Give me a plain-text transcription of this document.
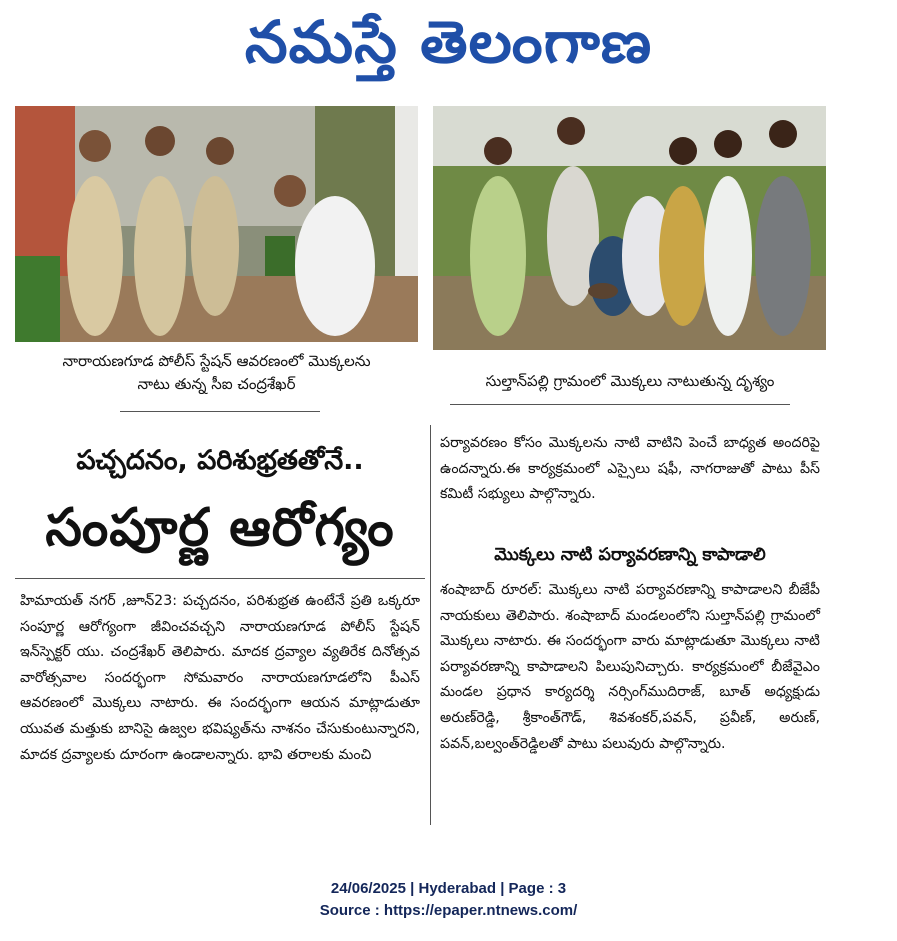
నమస్తే తెలంగాణ
నారాయణగూడ పోలీస్ స్టేషన్ ఆవరణంలో మొక్కలను
నాటు తున్న సీఐ చంద్రశేఖర్	సుల్తాన్‌పల్లి గ్రామంలో మొక్కలు నాటుతున్న దృశ్యం
పచ్చదనం, పరిశుభ్రతతోనే..
సంపూర్ణ ఆరోగ్యం
హిమాయత్ నగర్ ,జూన్23: పచ్చదనం, పరిశుభ్రత ఉంటేనే ప్రతి ఒక్కరూ సంపూర్ణ ఆరోగ్యంగా జీవించవచ్చని నారాయణగూడ పోలీస్ స్టేషన్ ఇన్‌స్పెక్టర్ యు. చంద్రశేఖర్ తెలిపారు. మాదక ద్రవ్యాల వ్యతిరేక దినోత్సవ వారోత్సవాల సందర్భంగా సోమవారం నారాయణగూడలోని పీఎస్ ఆవరణంలో మొక్కలు నాటారు. ఈ సందర్భంగా ఆయన మాట్లాడుతూ యువత మత్తుకు బానిసై ఉజ్వల భవిష్యత్‌ను నాశనం చేసుకుంటున్నారని, మాదక ద్రవ్యాలకు దూరంగా ఉండాలన్నారు. భావి తరాలకు మంచి
పర్యావరణం కోసం మొక్కలను నాటి వాటిని పెంచే బాధ్యత అందరిపై ఉందన్నారు.ఈ కార్యక్రమంలో ఎస్సైలు షఫీ, నాగరాజుతో పాటు పీస్ కమిటీ సభ్యులు పాల్గొన్నారు.
మొక్కలు నాటి పర్యావరణాన్ని కాపాడాలి
శంషాబాద్ రూరల్: మొక్కలు నాటి పర్యావరణాన్ని కాపాడాలని బీజేపీ నాయకులు తెలిపారు. శంషాబాద్ మండలంలోని సుల్తాన్‌పల్లి గ్రామంలో మొక్కలు నాటారు. ఈ సందర్భంగా వారు మాట్లాడుతూ మొక్కలు నాటి పర్యావరణాన్ని కాపాడాలని పిలుపునిచ్చారు. కార్యక్రమంలో బీజేవైఎం మండల ప్రధాన కార్యదర్శి నర్సింగ్‌ముదిరాజ్, బూత్ అధ్యక్షుడు అరుణ్‌రెడ్డి, శ్రీకాంత్‌గౌడ్, శివశంకర్,పవన్, ప్రవీణ్, అరుణ్, పవన్,బల్వంత్‌రెడ్డిలతో పాటు పలువురు పాల్గొన్నారు.
24/06/2025 | Hyderabad | Page : 3
Source : https://epaper.ntnews.com/
